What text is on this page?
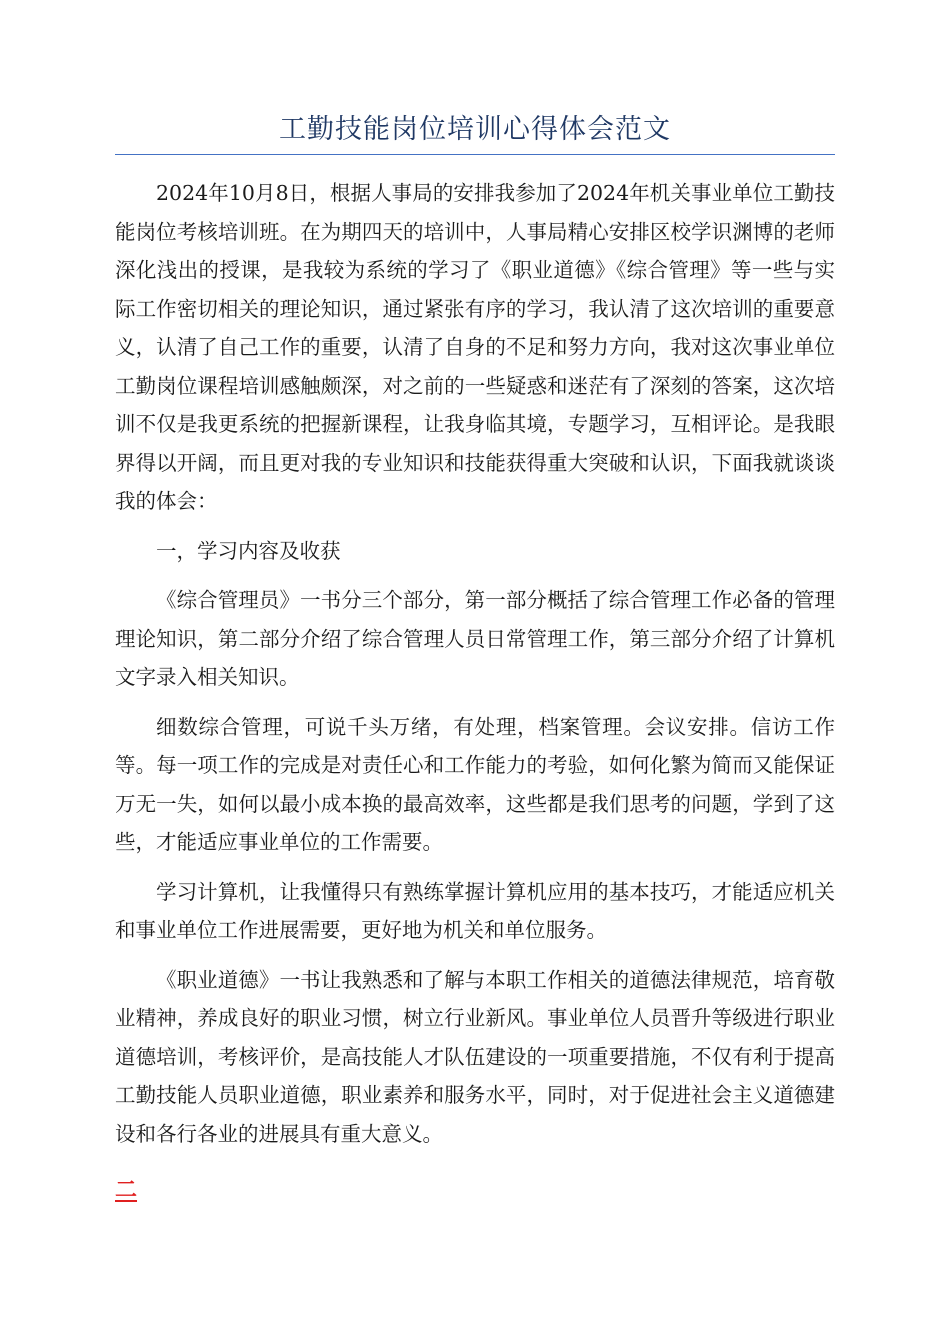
工勤技能岗位培训心得体会范文

2024年10月8日，根据人事局的安排我参加了2024年机关事业单位工勤技能岗位考核培训班。在为期四天的培训中，人事局精心安排区校学识渊博的老师深化浅出的授课，是我较为系统的学习了《职业道德》《综合管理》等一些与实际工作密切相关的理论知识，通过紧张有序的学习，我认清了这次培训的重要意义，认清了自己工作的重要，认清了自身的不足和努力方向，我对这次事业单位工勤岗位课程培训感触颇深，对之前的一些疑惑和迷茫有了深刻的答案，这次培训不仅是我更系统的把握新课程，让我身临其境，专题学习，互相评论。是我眼界得以开阔，而且更对我的专业知识和技能获得重大突破和认识，下面我就谈谈我的体会：

一，学习内容及收获

《综合管理员》一书分三个部分，第一部分概括了综合管理工作必备的管理理论知识，第二部分介绍了综合管理人员日常管理工作，第三部分介绍了计算机文字录入相关知识。

细数综合管理，可说千头万绪，有处理，档案管理。会议安排。信访工作等。每一项工作的完成是对责任心和工作能力的考验，如何化繁为简而又能保证万无一失，如何以最小成本换的最高效率，这些都是我们思考的问题，学到了这些，才能适应事业单位的工作需要。

学习计算机，让我懂得只有熟练掌握计算机应用的基本技巧，才能适应机关和事业单位工作进展需要，更好地为机关和单位服务。

《职业道德》一书让我熟悉和了解与本职工作相关的道德法律规范，培育敬业精神，养成良好的职业习惯，树立行业新风。事业单位人员晋升等级进行职业道德培训，考核评价，是高技能人才队伍建设的一项重要措施，不仅有利于提高工勤技能人员职业道德，职业素养和服务水平，同时，对于促进社会主义道德建设和各行各业的进展具有重大意义。

二
